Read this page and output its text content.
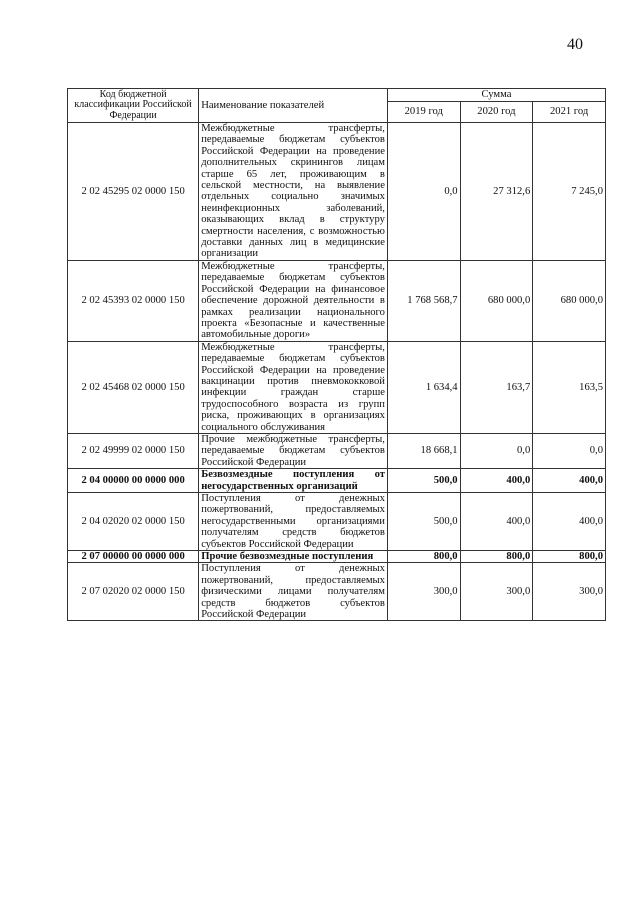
40
Код бюджетной классификации Российской Федерации	Наименование показателей	Сумма		
		2019 год	2020 год	2021 год
2 02 45295 02 0000 150	Межбюджетные трансферты, передаваемые бюджетам субъектов Российской Федерации на проведение дополнительных скринингов лицам старше 65 лет, проживающим в сельской местности, на выявление отдельных социально значимых неинфекционных заболеваний, оказывающих вклад в структуру смертности населения, с возможностью доставки данных лиц в медицинские организации	0,0	27 312,6	7 245,0
2 02 45393 02 0000 150	Межбюджетные трансферты, передаваемые бюджетам субъектов Российской Федерации на финансовое обеспечение дорожной деятельности в рамках реализации национального проекта «Безопасные и качественные автомобильные дороги»	1 768 568,7	680 000,0	680 000,0
2 02 45468 02 0000 150	Межбюджетные трансферты, передаваемые бюджетам субъектов Российской Федерации на проведение вакцинации против пневмококковой инфекции граждан старше трудоспособного возраста из групп риска, проживающих в организациях социального обслуживания	1 634,4	163,7	163,5
2 02 49999 02 0000 150	Прочие межбюджетные трансферты, передаваемые бюджетам субъектов Российской Федерации	18 668,1	0,0	0,0
2 04 00000 00 0000 000	Безвозмездные поступления от негосударственных организаций	500,0	400,0	400,0
2 04 02020 02 0000 150	Поступления от денежных пожертвований, предоставляемых негосударственными организациями получателям средств бюджетов субъектов Российской Федерации	500,0	400,0	400,0
2 07 00000 00 0000 000	Прочие безвозмездные поступления	800,0	800,0	800,0
2 07 02020 02 0000 150	Поступления от денежных пожертвований, предоставляемых физическими лицами получателям средств бюджетов субъектов Российской Федерации	300,0	300,0	300,0
